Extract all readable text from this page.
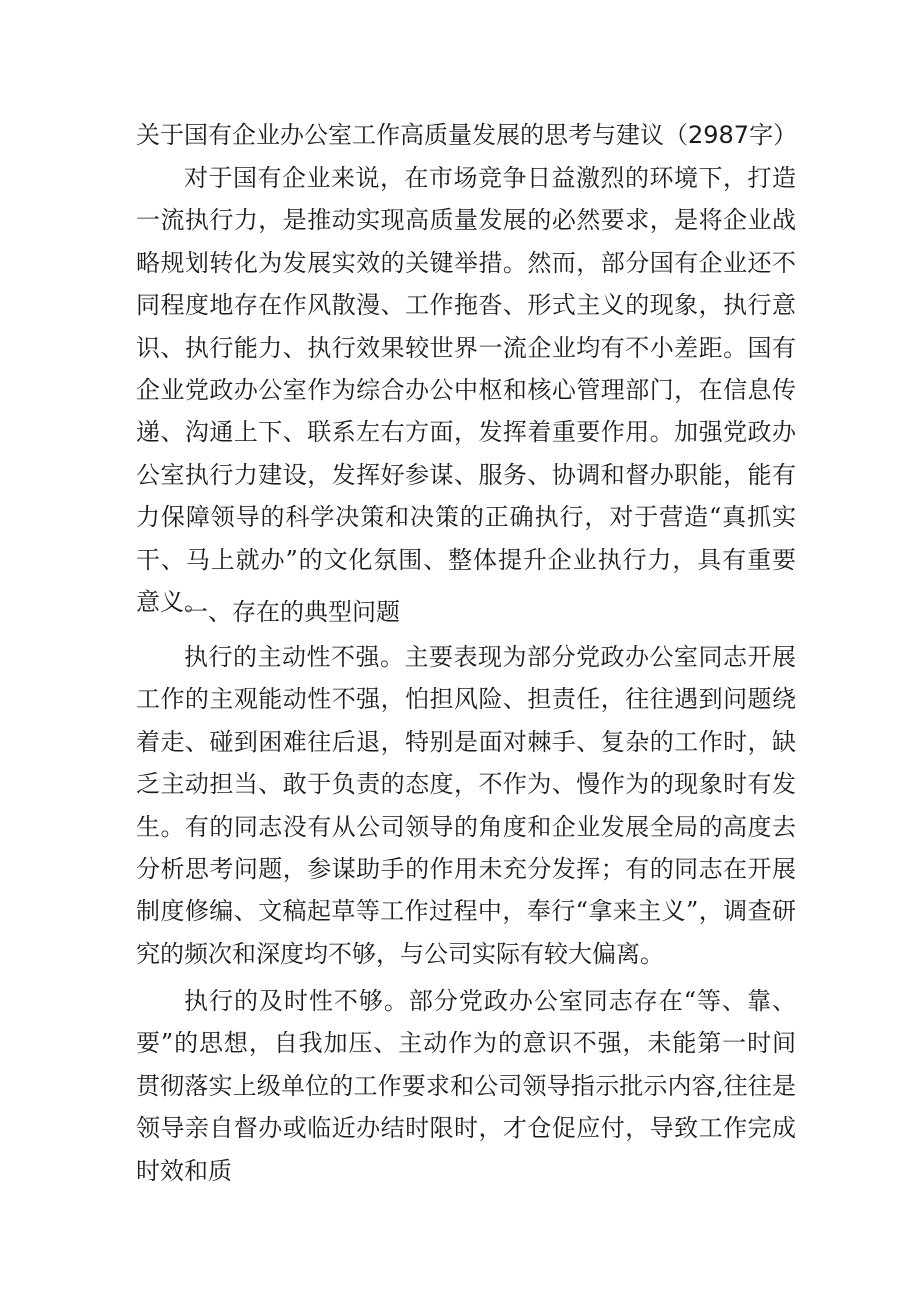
关于国有企业办公室工作高质量发展的思考与建议（2987字）

对于国有企业来说，在市场竞争日益激烈的环境下，打造一流执行力，是推动实现高质量发展的必然要求，是将企业战略规划转化为发展实效的关键举措。然而，部分国有企业还不同程度地存在作风散漫、工作拖沓、形式主义的现象，执行意识、执行能力、执行效果较世界一流企业均有不小差距。国有企业党政办公室作为综合办公中枢和核心管理部门，在信息传递、沟通上下、联系左右方面，发挥着重要作用。加强党政办公室执行力建设，发挥好参谋、服务、协调和督办职能，能有力保障领导的科学决策和决策的正确执行，对于营造“真抓实干、马上就办”的文化氛围、整体提升企业执行力，具有重要意义。

一、存在的典型问题

执行的主动性不强。主要表现为部分党政办公室同志开展工作的主观能动性不强，怕担风险、担责任，往往遇到问题绕着走、碰到困难往后退，特别是面对棘手、复杂的工作时，缺乏主动担当、敢于负责的态度，不作为、慢作为的现象时有发生。有的同志没有从公司领导的角度和企业发展全局的高度去分析思考问题，参谋助手的作用未充分发挥；有的同志在开展制度修编、文稿起草等工作过程中，奉行“拿来主义”，调查研究的频次和深度均不够，与公司实际有较大偏离。

执行的及时性不够。部分党政办公室同志存在“等、靠、要”的思想，自我加压、主动作为的意识不强，未能第一时间贯彻落实上级单位的工作要求和公司领导指示批示内容,往往是领导亲自督办或临近办结时限时，才仓促应付，导致工作完成时效和质
